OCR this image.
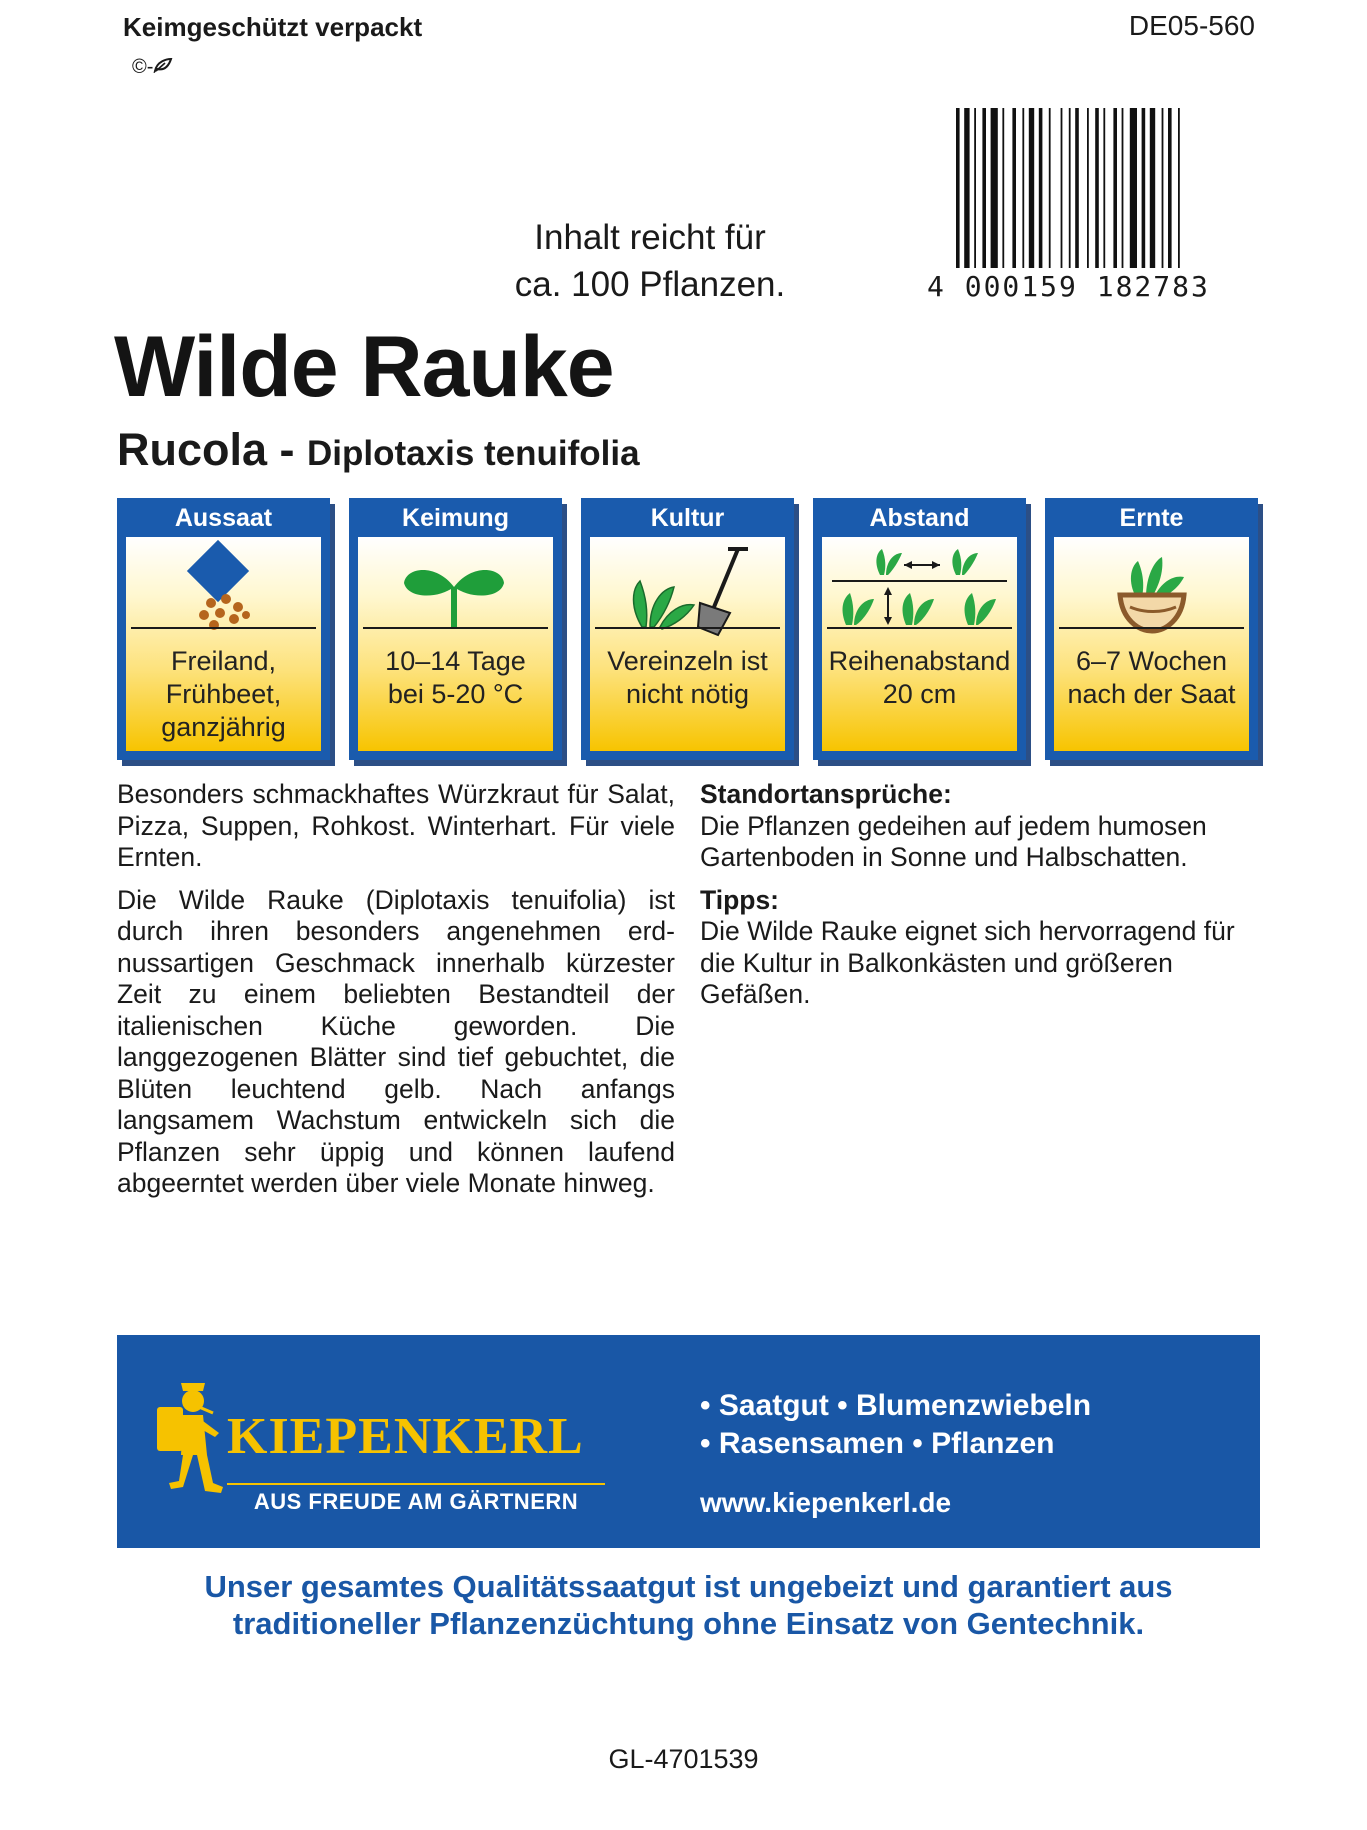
Keimgeschützt verpackt
©-
DE05-560
4 000159 182783
Inhalt reicht für
ca. 100 Pflanzen.
Wilde Rauke
Rucola - Diplotaxis tenuifolia
Aussaat
Freiland,
Frühbeet,
ganzjährig
Keimung
10–14 Tage
bei 5-20 °C
Kultur
Vereinzeln ist
nicht nötig
Abstand
Reihenabstand
20 cm
Ernte
6–7 Wochen
nach der Saat

Besonders schmackhaftes Würzkraut für Salat, Pizza, Suppen, Rohkost. Winterhart. Für viele Ernten.

Die Wilde Rauke (Diplotaxis tenuifolia) ist durch ihren besonders angenehmen erdnussartigen Geschmack innerhalb kürzester Zeit zu einem beliebten Bestandteil der italienischen Küche geworden. Die langgezogenen Blätter sind tief gebuchtet, die Blüten leuchtend gelb. Nach anfangs langsamem Wachstum entwickeln sich die Pflanzen sehr üppig und können laufend abgeerntet werden über viele Monate hinweg.

Standortansprüche:

Die Pflanzen gedeihen auf jedem humosen Gartenboden in Sonne und Halbschatten.

Tipps:

Die Wilde Rauke eignet sich hervorragend für die Kultur in Balkonkästen und größeren Gefäßen.

KIEPENKERL
AUS FREUDE AM GÄRTNERN
• Saatgut • Blumenzwiebeln
• Rasensamen • Pflanzen
www.kiepenkerl.de
Unser gesamtes Qualitätssaatgut ist ungebeizt und garantiert aus
traditioneller Pflanzenzüchtung ohne Einsatz von Gentechnik.
GL-4701539
